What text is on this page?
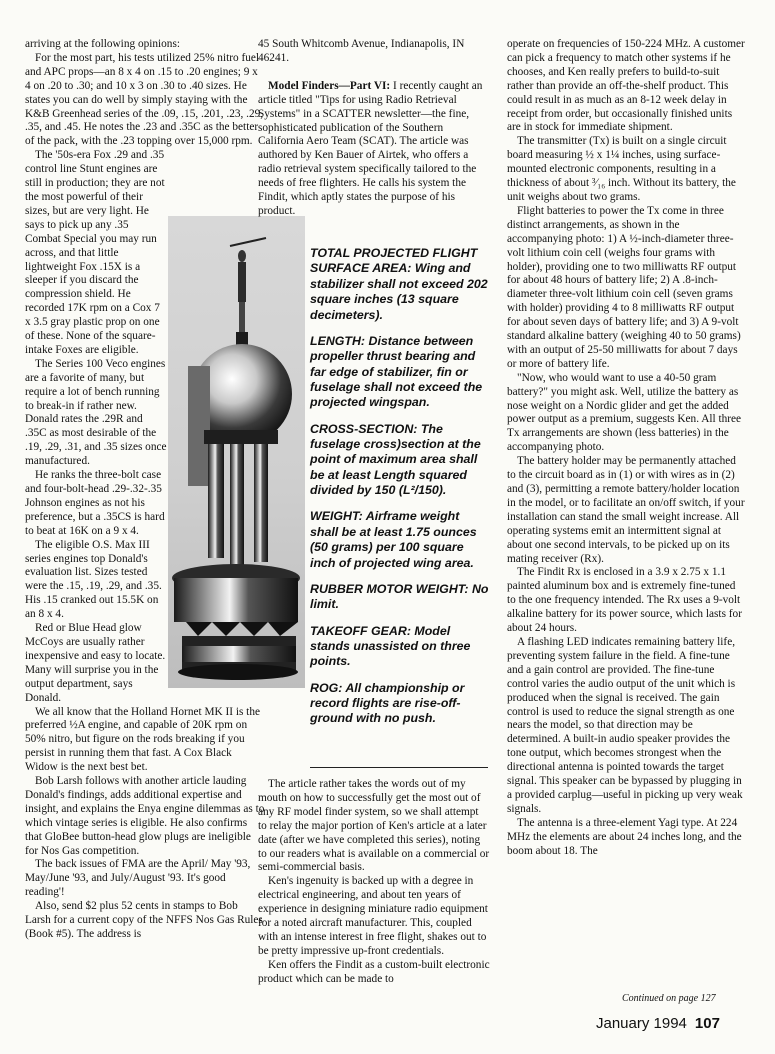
arriving at the following opinions:

For the most part, his tests utilized 25% nitro fuel and APC props—an 8 x 4 on .15 to .20 engines; 9 x 4 on .20 to .30; and 10 x 3 on .30 to .40 sizes. He states you can do well by simply staying with the K&B Greenhead series of the .09, .15, .201, .23, .29, .35, and .45. He notes the .23 and .35C as the better of the pack, with the .23 topping over 15,000 rpm.

The '50s-era Fox .29 and .35 control line Stunt engines are still in production; they are not the most powerful of their sizes, but are very light. He says to pick up any .35 Combat Special you may run across, and that little lightweight Fox .15X is a sleeper if you discard the compression shield. He recorded 17K rpm on a Cox 7 x 3.5 gray plastic prop on one of these. None of the square-intake Foxes are eligible.

The Series 100 Veco engines are a favorite of many, but require a lot of bench running to break-in if rather new. Donald rates the .29R and .35C as most desirable of the .19, .29, .31, and .35 sizes once manufactured.

He ranks the three-bolt case and four-bolt-head .29-.32-.35 Johnson engines as not his preference, but a .35CS is hard to beat at 16K on a 9 x 4.

The eligible O.S. Max III series engines top Donald's evaluation list. Sizes tested were the .15, .19, .29, and .35. His .15 cranked out 15.5K on an 8 x 4.

Red or Blue Head glow McCoys are usually rather inexpensive and easy to locate. Many will surprise you in the output department, says Donald.

We all know that the Holland Hornet MK II is the preferred ½A engine, and capable of 20K rpm on 50% nitro, but figure on the rods breaking if you persist in running them that fast. A Cox Black Widow is the next best bet.

Bob Larsh follows with another article lauding Donald's findings, adds additional expertise and insight, and explains the Enya engine dilemmas as to which vintage series is eligible. He also confirms that GloBee button-head glow plugs are ineligible for Nos Gas competition.

The back issues of FMA are the April/ May '93, May/June '93, and July/August '93. It's good reading'!

Also, send $2 plus 52 cents in stamps to Bob Larsh for a current copy of the NFFS Nos Gas Rules (Book #5). The address is

45 South Whitcomb Avenue, Indianapolis, IN 46241.

Model Finders—Part VI: I recently caught an article titled "Tips for using Radio Retrieval Systems" in a SCATTER newsletter—the fine, sophisticated publication of the Southern California Aero Team (SCAT). The article was authored by Ken Bauer of Airtek, who offers a radio retrieval system specifically tailored to the needs of free flighters. He calls his system the Findit, which aptly states the purpose of his product.

TOTAL PROJECTED FLIGHT SURFACE AREA: Wing and stabilizer shall not exceed 202 square inches (13 square decimeters).

LENGTH: Distance between propeller thrust bearing and far edge of stabilizer, fin or fuselage shall not exceed the projected wingspan.

CROSS-SECTION: The fuselage cross)section at the point of maximum area shall be at least Length squared divided by 150 (L²/150).

WEIGHT: Airframe weight shall be at least 1.75 ounces (50 grams) per 100 square inch of projected wing area.

RUBBER MOTOR WEIGHT: No limit.

TAKEOFF GEAR: Model stands unassisted on three points.

ROG: All championship or record flights are rise-off-ground with no push.

The article rather takes the words out of my mouth on how to successfully get the most out of any RF model finder system, so we shall attempt to relay the major portion of Ken's article at a later date (after we have completed this series), noting to our readers what is available on a commercial or semi-commercial basis.

Ken's ingenuity is backed up with a degree in electrical engineering, and about ten years of experience in designing miniature radio equipment for a noted aircraft manufacturer. This, coupled with an intense interest in free flight, shakes out to be pretty impressive up-front credentials.

Ken offers the Findit as a custom-built electronic product which can be made to

operate on frequencies of 150-224 MHz. A customer can pick a frequency to match other systems if he chooses, and Ken really prefers to build-to-suit rather than provide an off-the-shelf product. This could result in as much as an 8-12 week delay in receipt from order, but occasionally finished units are in stock for immediate shipment.

The transmitter (Tx) is built on a single circuit board measuring ½ x 1¼ inches, using surface-mounted electronic components, resulting in a thickness of about ³⁄₁₆ inch. Without its battery, the unit weighs about two grams.

Flight batteries to power the Tx come in three distinct arrangements, as shown in the accompanying photo: 1) A ½-inch-diameter three-volt lithium coin cell (weighs four grams with holder), providing one to two milliwatts RF output for about 48 hours of battery life; 2) A .8-inch-diameter three-volt lithium coin cell (seven grams with holder) providing 4 to 8 milliwatts RF output for about seven days of battery life; and 3) A 9-volt standard alkaline battery (weighing 40 to 50 grams) with an output of 25-50 milliwatts for about 7 days or more of battery life.

"Now, who would want to use a 40-50 gram battery?" you might ask. Well, utilize the battery as nose weight on a Nordic glider and get the added power output as a premium, suggests Ken. All three Tx arrangements are shown (less batteries) in the accompanying photo.

The battery holder may be permanently attached to the circuit board as in (1) or with wires as in (2) and (3), permitting a remote battery/holder location in the model, or to facilitate an on/off switch, if your installation can stand the small weight increase. All operating systems emit an intermittent signal at about one second intervals, to be picked up on its mating receiver (Rx).

The Findit Rx is enclosed in a 3.9 x 2.75 x 1.1 painted aluminum box and is extremely fine-tuned to the one frequency intended. The Rx uses a 9-volt alkaline battery for its power source, which lasts for about 24 hours.

A flashing LED indicates remaining battery life, preventing system failure in the field. A fine-tune and a gain control are provided. The fine-tune control varies the audio output of the unit which is produced when the signal is received. The gain control is used to reduce the signal strength as one nears the model, so that direction may be determined. A built-in audio speaker provides the tone output, which becomes strongest when the directional antenna is pointed towards the target signal. This speaker can be bypassed by plugging in a provided carplug—useful in picking up very weak signals.

The antenna is a three-element Yagi type. At 224 MHz the elements are about 24 inches long, and the boom about 18. The

Continued on page 127
January 1994 107
